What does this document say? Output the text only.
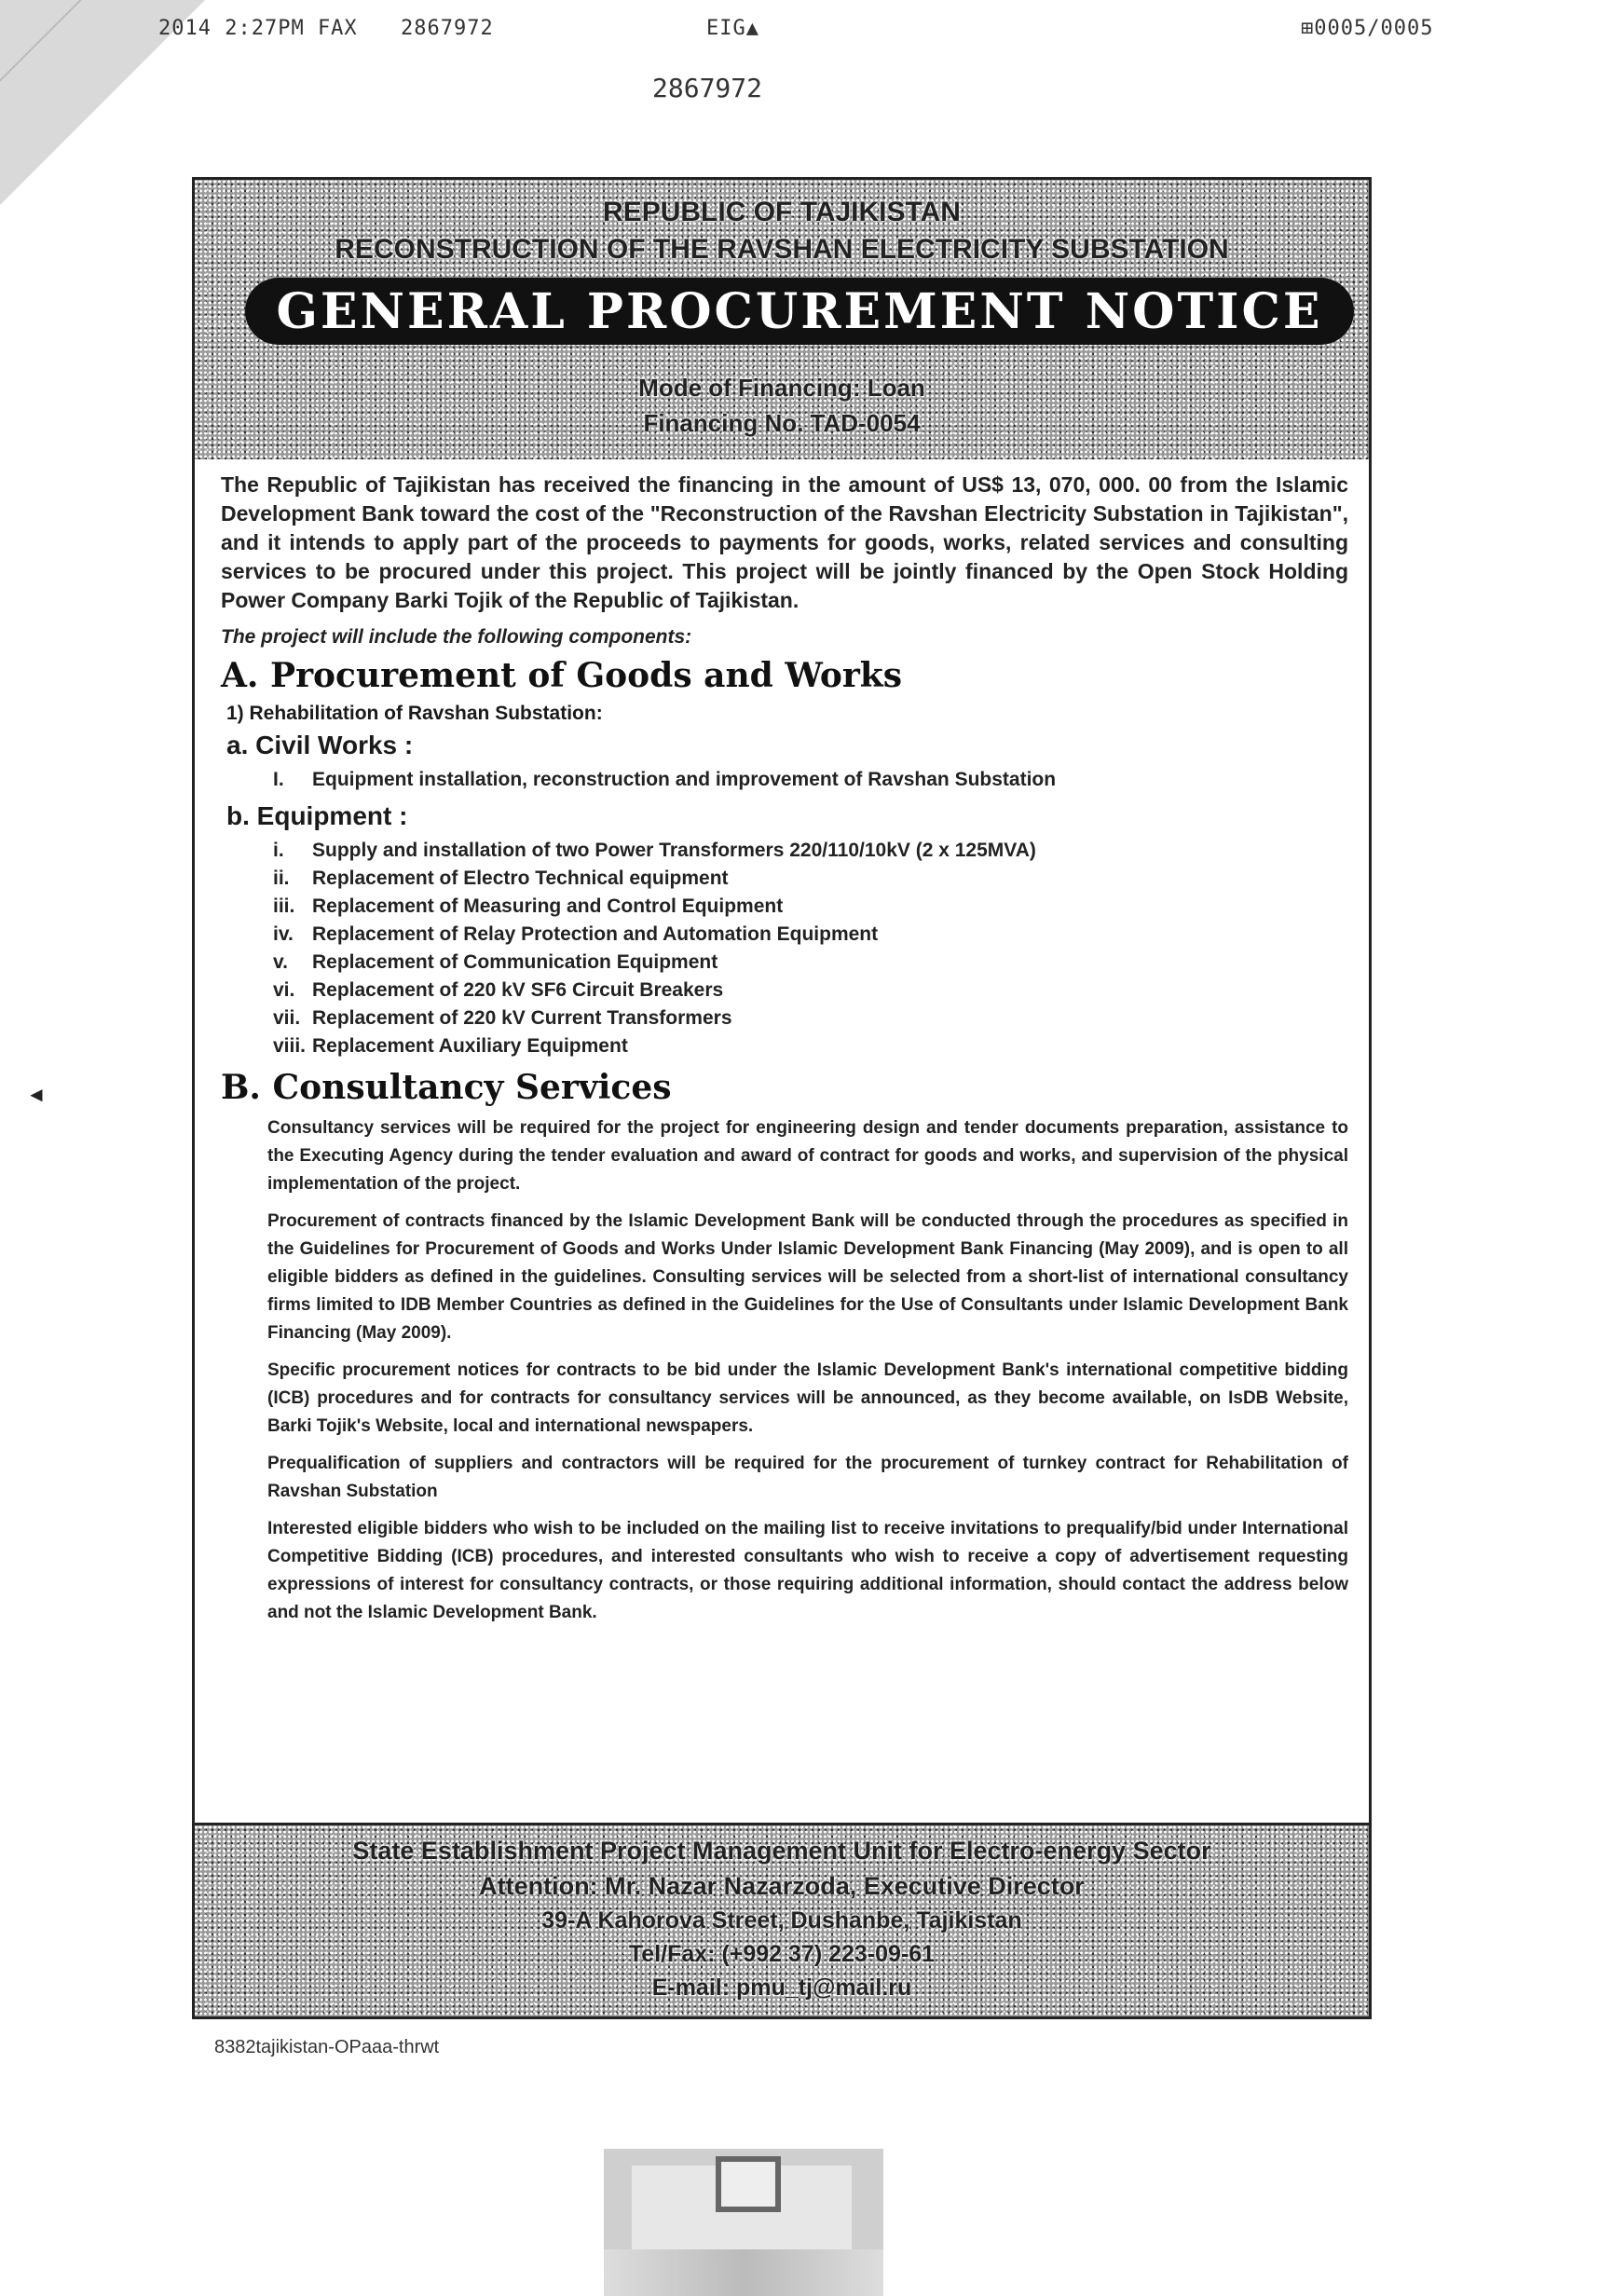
2014 2:27PM FAX 2867972	EIG▲	⊞0005/0005
2867972
◄
REPUBLIC OF TAJIKISTAN
RECONSTRUCTION OF THE RAVSHAN ELECTRICITY SUBSTATION
GENERAL PROCUREMENT NOTICE
Mode of Financing: Loan
Financing No. TAD-0054

The Republic of Tajikistan has received the financing in the amount of US$ 13, 070, 000. 00 from the Islamic Development Bank toward the cost of the "Reconstruction of the Ravshan Electricity Substation in Tajikistan", and it intends to apply part of the proceeds to payments for goods, works, related services and consulting services to be procured under this project. This project will be jointly financed by the Open Stock Holding Power Company Barki Tojik of the Republic of Tajikistan.

The project will include the following components:

A. Procurement of Goods and Works
1) Rehabilitation of Ravshan Substation:
a. Civil Works :
I. Equipment installation, reconstruction and improvement of Ravshan Substation
b. Equipment :
i. Supply and installation of two Power Transformers 220/110/10kV (2 x 125MVA)
ii. Replacement of Electro Technical equipment
iii. Replacement of Measuring and Control Equipment
iv. Replacement of Relay Protection and Automation Equipment
v. Replacement of Communication Equipment
vi. Replacement of 220 kV SF6 Circuit Breakers
vii. Replacement of 220 kV Current Transformers
viii. Replacement Auxiliary Equipment
B. Consultancy Services

Consultancy services will be required for the project for engineering design and tender documents preparation, assistance to the Executing Agency during the tender evaluation and award of contract for goods and works, and supervision of the physical implementation of the project.

Procurement of contracts financed by the Islamic Development Bank will be conducted through the procedures as specified in the Guidelines for Procurement of Goods and Works Under Islamic Development Bank Financing (May 2009), and is open to all eligible bidders as defined in the guidelines. Consulting services will be selected from a short-list of international consultancy firms limited to IDB Member Countries as defined in the Guidelines for the Use of Consultants under Islamic Development Bank Financing (May 2009).

Specific procurement notices for contracts to be bid under the Islamic Development Bank's international competitive bidding (ICB) procedures and for contracts for consultancy services will be announced, as they become available, on IsDB Website, Barki Tojik's Website, local and international newspapers.

Prequalification of suppliers and contractors will be required for the procurement of turnkey contract for Rehabilitation of Ravshan Substation

Interested eligible bidders who wish to be included on the mailing list to receive invitations to prequalify/bid under International Competitive Bidding (ICB) procedures, and interested consultants who wish to receive a copy of advertisement requesting expressions of interest for consultancy contracts, or those requiring additional information, should contact the address below and not the Islamic Development Bank.

State Establishment Project Management Unit for Electro-energy Sector
Attention: Mr. Nazar Nazarzoda, Executive Director
39-A Kahorova Street, Dushanbe, Tajikistan
Tel/Fax: (+992 37) 223-09-61
E-mail: pmu_tj@mail.ru
8382tajikistan-OPaaa-thrwt
